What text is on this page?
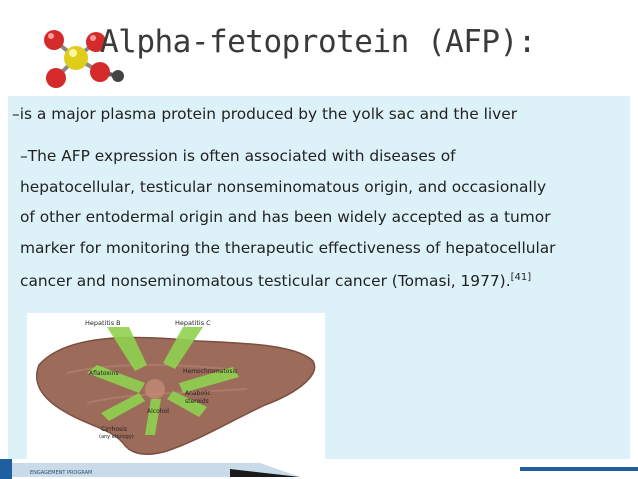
Alpha-fetoprotein (AFP):
–is a major plasma protein produced by the yolk sac and the liver
–The AFP expression is often associated with diseases of
hepatocellular, testicular nonseminomatous origin, and occasionally
of other entodermal origin and has been widely accepted as a tumor
marker for monitoring the therapeutic effectiveness of hepatocellular
cancer and nonseminomatous testicular cancer (Tomasi, 1977).[41]
Hepatitis B	Hepatitis C
Aflatoxins	Hemochromatosis
Anabolic
steroids
Alcohol
Cirrhosis
(any etiology)
ENGAGEMENT PROGRAM
